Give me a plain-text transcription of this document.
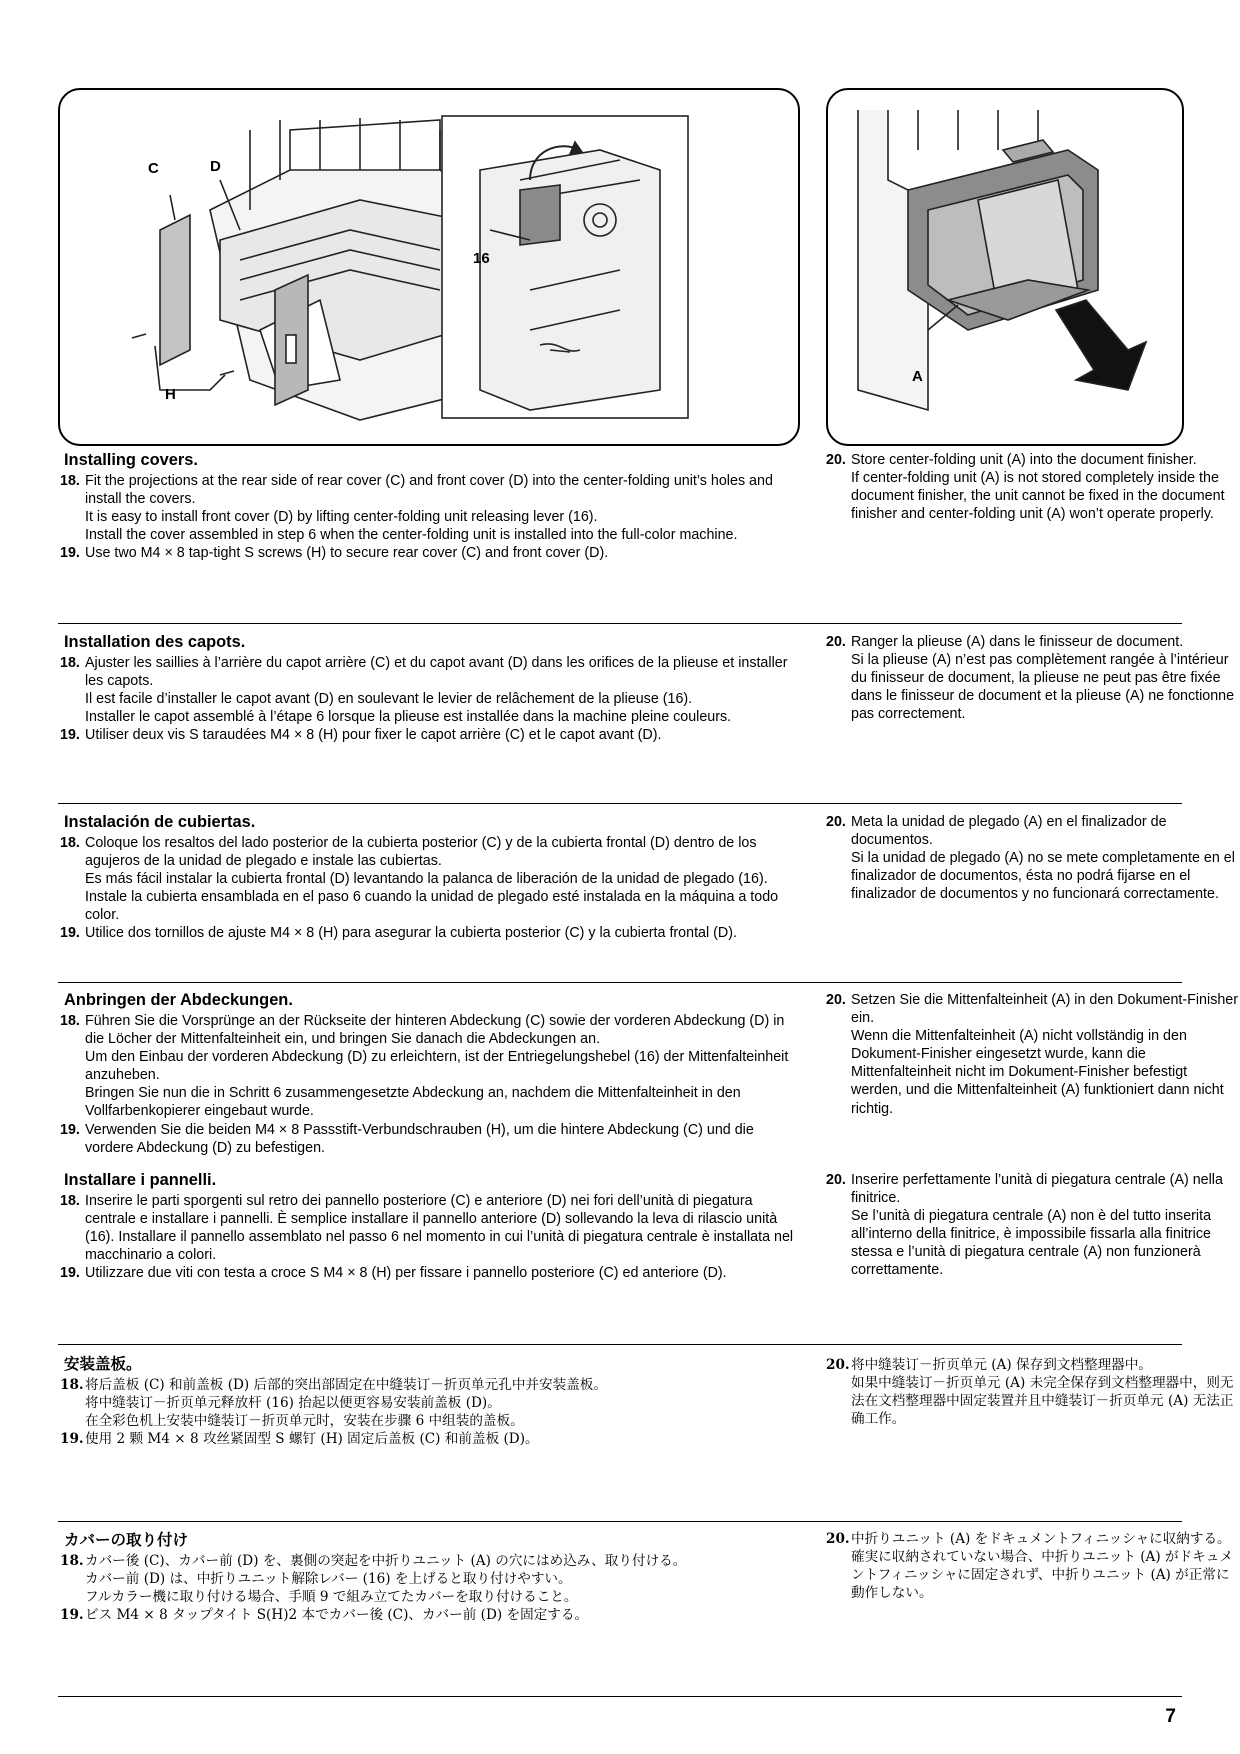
C	D
16
H
A
Installing covers.
18. Fit the projections at the rear side of rear cover (C) and front cover (D) into the center-folding unit’s holes and install the covers.

It is easy to install front cover (D) by lifting center-folding unit releasing lever (16).

Install the cover assembled in step 6 when the center-folding unit is installed into the full-color machine.

19. Use two M4 × 8 tap-tight S screws (H) to secure rear cover (C) and front cover (D).

20. Store center-folding unit (A) into the document finisher.

If center-folding unit (A) is not stored completely inside the document finisher, the unit cannot be fixed in the document finisher and center-folding unit (A) won’t operate properly.

Installation des capots.
18. Ajuster les saillies à l’arrière du capot arrière (C) et du capot avant (D) dans les orifices de la plieuse et installer les capots.

Il est facile d’installer le capot avant (D) en soulevant le levier de relâchement de la plieuse (16).

Installer le capot assemblé à l’étape 6 lorsque la plieuse est installée dans la machine pleine couleurs.

19. Utiliser deux vis S taraudées M4 × 8 (H) pour fixer le capot arrière (C) et le capot avant (D).

20. Ranger la plieuse (A) dans le finisseur de document.

Si la plieuse (A) n’est pas complètement rangée à l’intérieur du finisseur de document, la plieuse ne peut pas être fixée dans le finisseur de document et la plieuse (A) ne fonctionne pas correctement.

Instalación de cubiertas.
18. Coloque los resaltos del lado posterior de la cubierta posterior (C) y de la cubierta frontal (D) dentro de los agujeros de la unidad de plegado e instale las cubiertas.

Es más fácil instalar la cubierta frontal (D) levantando la palanca de liberación de la unidad de plegado (16).

Instale la cubierta ensamblada en el paso 6 cuando la unidad de plegado esté instalada en la máquina a todo color.

19. Utilice dos tornillos de ajuste M4 × 8 (H) para asegurar la cubierta posterior (C) y la cubierta frontal (D).

20. Meta la unidad de plegado (A) en el finalizador de documentos.

Si la unidad de plegado (A) no se mete completamente en el finalizador de documentos, ésta no podrá fijarse en el finalizador de documentos y no funcionará correctamente.

Anbringen der Abdeckungen.
18. Führen Sie die Vorsprünge an der Rückseite der hinteren Abdeckung (C) sowie der vorderen Abdeckung (D) in die Löcher der Mittenfalteinheit ein, und bringen Sie danach die Abdeckungen an.

Um den Einbau der vorderen Abdeckung (D) zu erleichtern, ist der Entriegelungshebel (16) der Mittenfalteinheit anzuheben.

Bringen Sie nun die in Schritt 6 zusammengesetzte Abdeckung an, nachdem die Mittenfalteinheit in den Vollfarbenkopierer eingebaut wurde.

19. Verwenden Sie die beiden M4 × 8 Passstift-Verbundschrauben (H), um die hintere Abdeckung (C) und die vordere Abdeckung (D) zu befestigen.

20. Setzen Sie die Mittenfalteinheit (A) in den Dokument-Finisher ein.

Wenn die Mittenfalteinheit (A) nicht vollständig in den Dokument-Finisher eingesetzt wurde, kann die Mittenfalteinheit nicht im Dokument-Finisher befestigt werden, und die Mittenfalteinheit (A) funktioniert dann nicht richtig.

Installare i pannelli.
18. Inserire le parti sporgenti sul retro dei pannello posteriore (C) e anteriore (D) nei fori dell’unità di piegatura centrale e installare i pannelli. È semplice installare il pannello anteriore (D) sollevando la leva di rilascio unità (16). Installare il pannello assemblato nel passo 6 nel momento in cui l’unità di piegatura centrale è installata nel macchinario a colori.

19. Utilizzare due viti con testa a croce S M4 × 8 (H) per fissare i pannello posteriore (C) ed anteriore (D).

20. Inserire perfettamente l’unità di piegatura centrale (A) nella finitrice.

Se l’unità di piegatura centrale (A) non è del tutto inserita all’interno della finitrice, è impossibile fissarla alla finitrice stessa e l’unità di piegatura centrale (A) non funzionerà correttamente.

安装盖板。
18. 将后盖板 (C) 和前盖板 (D) 后部的突出部固定在中缝装订－折页单元孔中并安装盖板。

将中缝装订－折页单元释放杆 (16) 抬起以便更容易安装前盖板 (D)。

在全彩色机上安装中缝装订－折页单元时，安装在步骤 6 中组装的盖板。

19. 使用 2 颗 M4 × 8 攻丝紧固型 S 螺钉 (H) 固定后盖板 (C) 和前盖板 (D)。

20. 将中缝装订－折页单元 (A) 保存到文档整理器中。

如果中缝装订－折页单元 (A) 未完全保存到文档整理器中，则无法在文档整理器中固定装置并且中缝装订－折页单元 (A) 无法正确工作。

カバーの取り付け
18. カバー後 (C)、カバー前 (D) を、裏側の突起を中折りユニット (A) の穴にはめ込み、取り付ける。

カバー前 (D) は、中折りユニット解除レバー (16) を上げると取り付けやすい。

フルカラー機に取り付ける場合、手順 9 で組み立てたカバーを取り付けること。

19. ビス M4 × 8 タップタイト S(H)2 本でカバー後 (C)、カバー前 (D) を固定する。

20. 中折りユニット (A) をドキュメントフィニッシャに収納する。

確実に収納されていない場合、中折りユニット (A) がドキュメントフィニッシャに固定されず、中折りユニット (A) が正常に動作しない。

7
